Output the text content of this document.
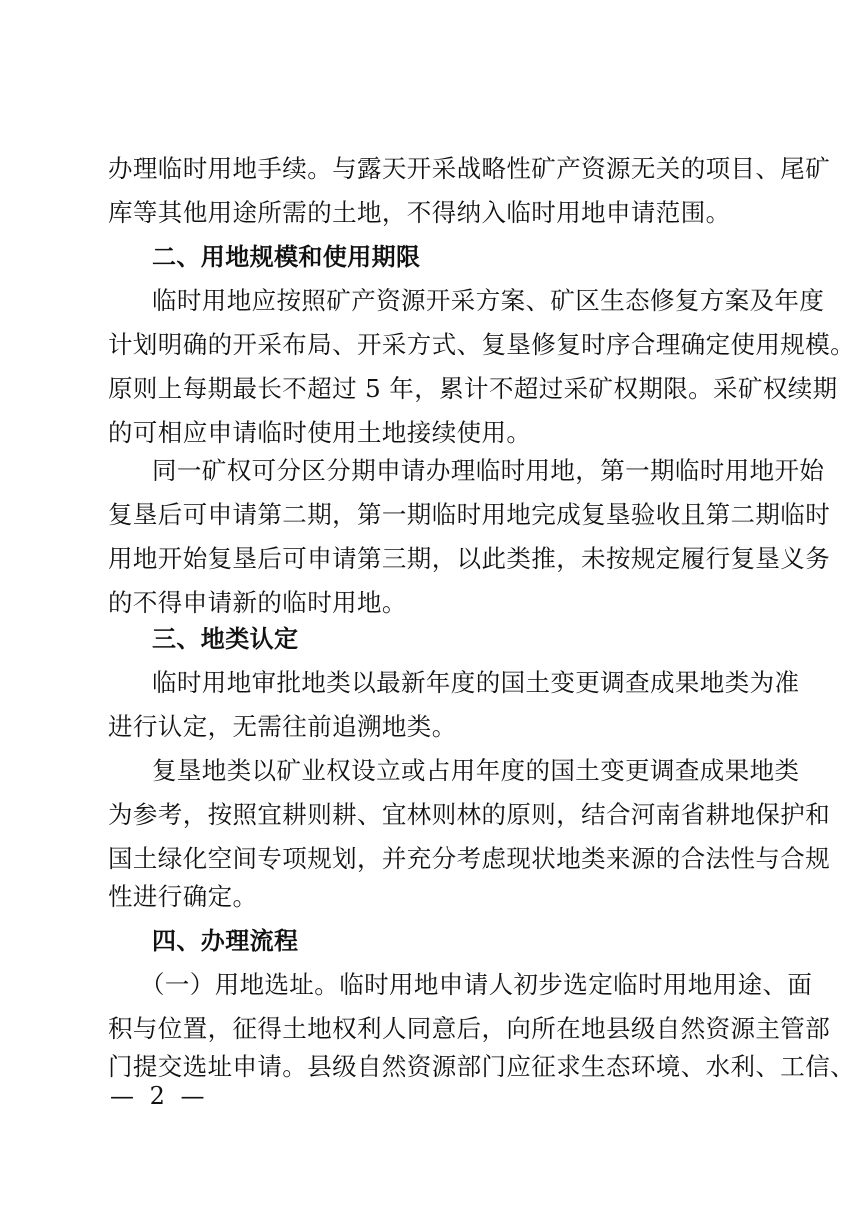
办理临时用地手续。与露天开采战略性矿产资源无关的项目、尾矿
库等其他用途所需的土地，不得纳入临时用地申请范围。
二、用地规模和使用期限
临时用地应按照矿产资源开采方案、矿区生态修复方案及年度
计划明确的开采布局、开采方式、复垦修复时序合理确定使用规模。
原则上每期最长不超过 5 年，累计不超过采矿权期限。采矿权续期
的可相应申请临时使用土地接续使用。
同一矿权可分区分期申请办理临时用地，第一期临时用地开始
复垦后可申请第二期，第一期临时用地完成复垦验收且第二期临时
用地开始复垦后可申请第三期，以此类推，未按规定履行复垦义务
的不得申请新的临时用地。
三、地类认定
临时用地审批地类以最新年度的国土变更调查成果地类为准
进行认定，无需往前追溯地类。
复垦地类以矿业权设立或占用年度的国土变更调查成果地类
为参考，按照宜耕则耕、宜林则林的原则，结合河南省耕地保护和
国土绿化空间专项规划，并充分考虑现状地类来源的合法性与合规
性进行确定。
四、办理流程
（一）用地选址。临时用地申请人初步选定临时用地用途、面
积与位置，征得土地权利人同意后，向所在地县级自然资源主管部
门提交选址申请。县级自然资源部门应征求生态环境、水利、工信、
— 2 —
